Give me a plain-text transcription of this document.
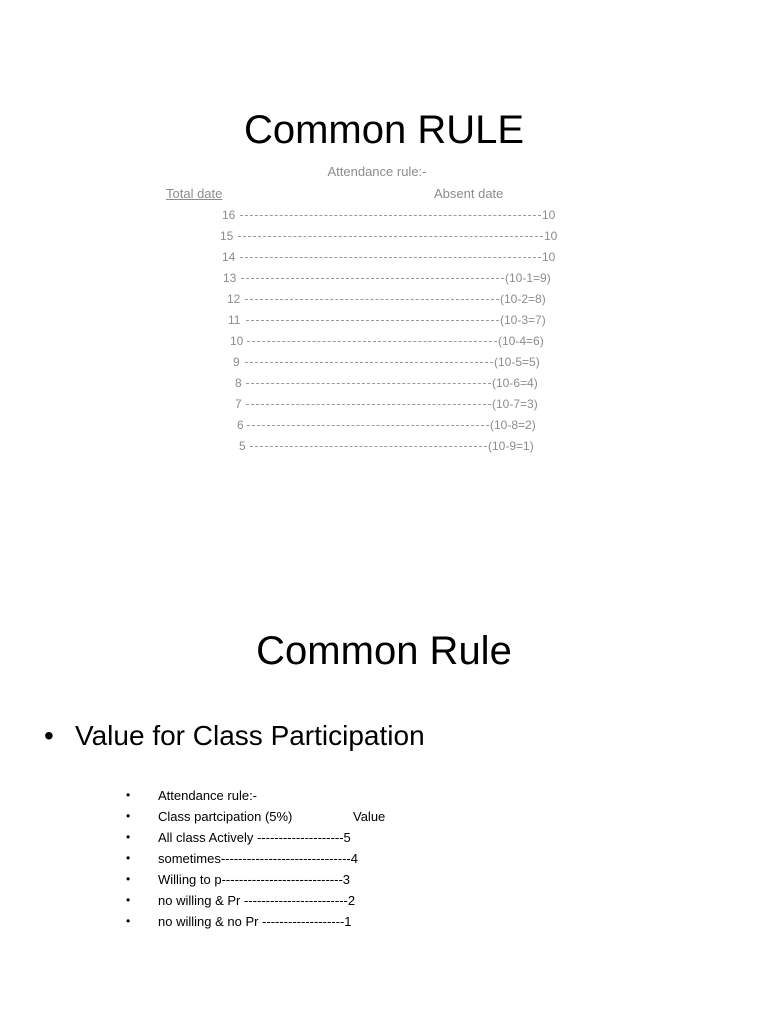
Common RULE
Attendance rule:-
Total date	Absent date
16	10
15	10
14	10
13	(10-1=9)
12	(10-2=8)
11	(10-3=7)
10	(10-4=6)
9	(10-5=5)
8	(10-6=4)
7	(10-7=3)
6	(10-8=2)
5	(10-9=1)
Common Rule
• Value for Class Participation
• Attendance rule:-
• Class partcipation (5%)	Value
• All class Actively --------------------5
• sometimes------------------------------4
• Willing to p----------------------------3
• no willing & Pr ------------------------2
• no willing & no Pr -------------------1
